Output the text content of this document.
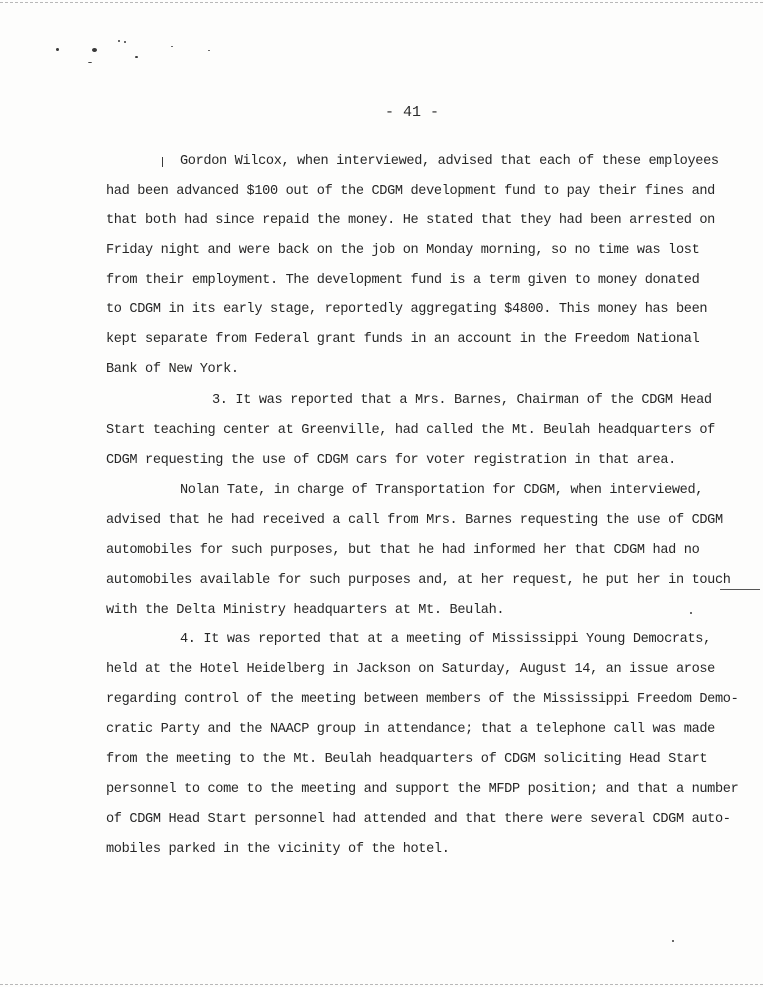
- 41 -
Gordon Wilcox, when interviewed, advised that each of these employees
had been advanced $100 out of the CDGM development fund to pay their fines and
that both had since repaid the money. He stated that they had been arrested on
Friday night and were back on the job on Monday morning, so no time was lost
from their employment. The development fund is a term given to money donated
to CDGM in its early stage, reportedly aggregating $4800. This money has been
kept separate from Federal grant funds in an account in the Freedom National
Bank of New York.
3. It was reported that a Mrs. Barnes, Chairman of the CDGM Head
Start teaching center at Greenville, had called the Mt. Beulah headquarters of
CDGM requesting the use of CDGM cars for voter registration in that area.
Nolan Tate, in charge of Transportation for CDGM, when interviewed,
advised that he had received a call from Mrs. Barnes requesting the use of CDGM
automobiles for such purposes, but that he had informed her that CDGM had no
automobiles available for such purposes and, at her request, he put her in touch
with the Delta Ministry headquarters at Mt. Beulah.
4. It was reported that at a meeting of Mississippi Young Democrats,
held at the Hotel Heidelberg in Jackson on Saturday, August 14, an issue arose
regarding control of the meeting between members of the Mississippi Freedom Demo-
cratic Party and the NAACP group in attendance; that a telephone call was made
from the meeting to the Mt. Beulah headquarters of CDGM soliciting Head Start
personnel to come to the meeting and support the MFDP position; and that a number
of CDGM Head Start personnel had attended and that there were several CDGM auto-
mobiles parked in the vicinity of the hotel.
